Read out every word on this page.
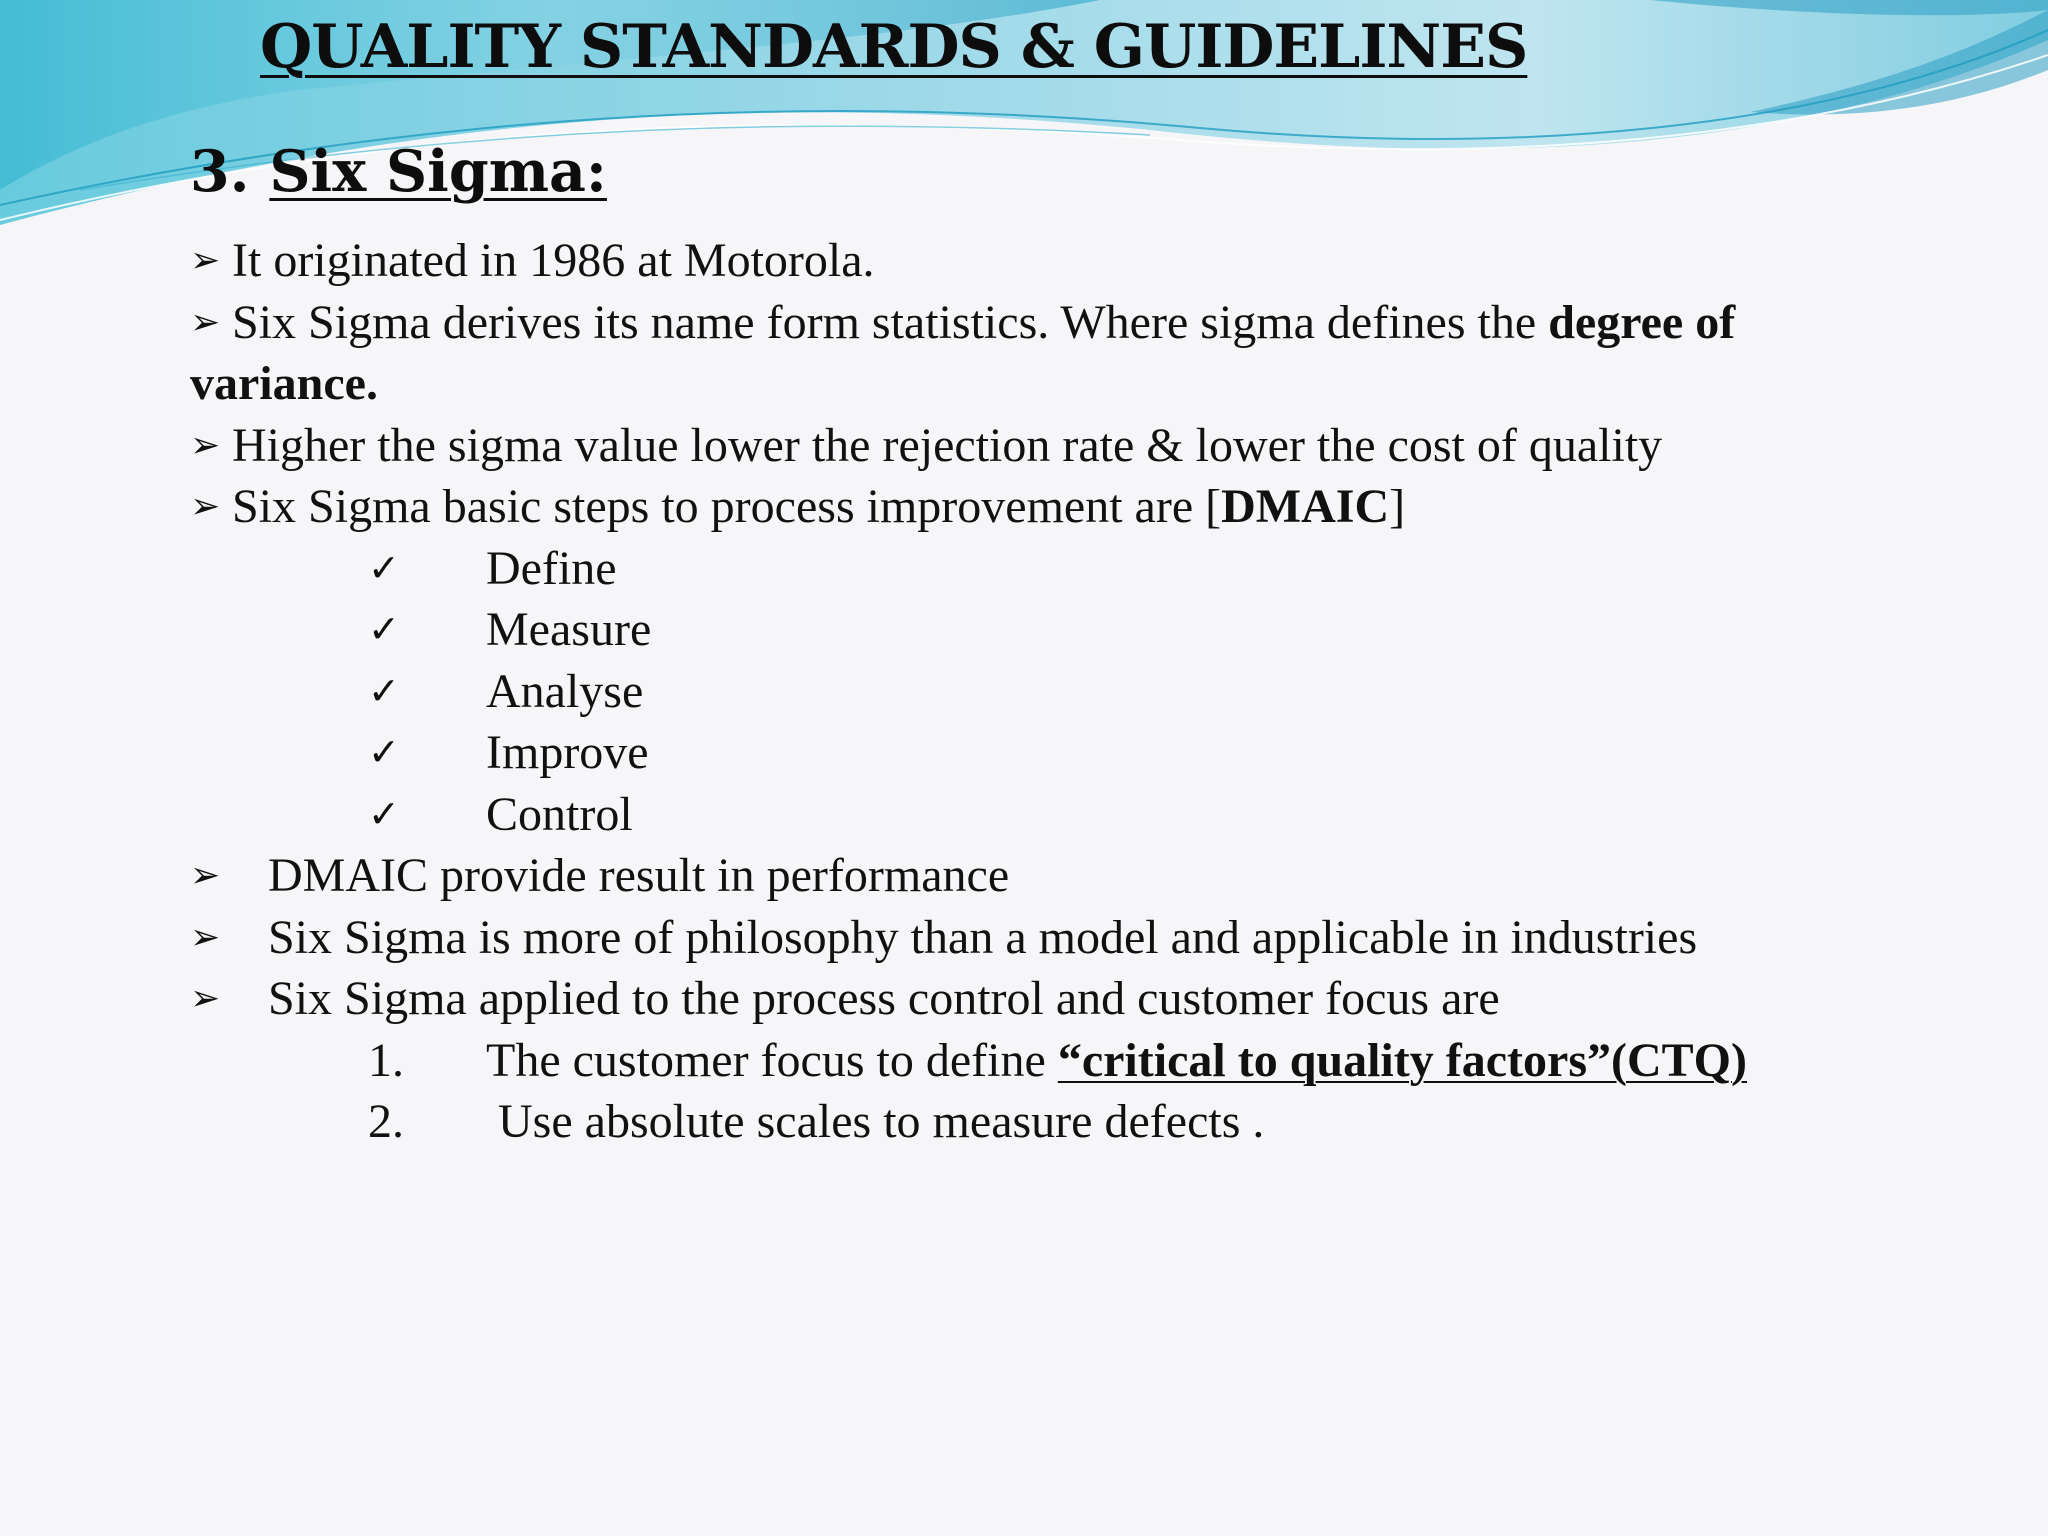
QUALITY STANDARDS & GUIDELINES
3. Six Sigma:
➢ It originated in 1986 at Motorola.
➢ Six Sigma derives its name form statistics. Where sigma defines the degree of
variance.
➢ Higher the sigma value lower the rejection rate & lower the cost of quality
➢ Six Sigma basic steps to process improvement are [DMAIC]
✓ Define
✓ Measure
✓ Analyse
✓ Improve
✓ Control
➢ DMAIC provide result in performance
➢ Six Sigma is more of philosophy than a model and applicable in industries
➢ Six Sigma applied to the process control and customer focus are
1. The customer focus to define “critical to quality factors”(CTQ)
2. Use absolute scales to measure defects .
